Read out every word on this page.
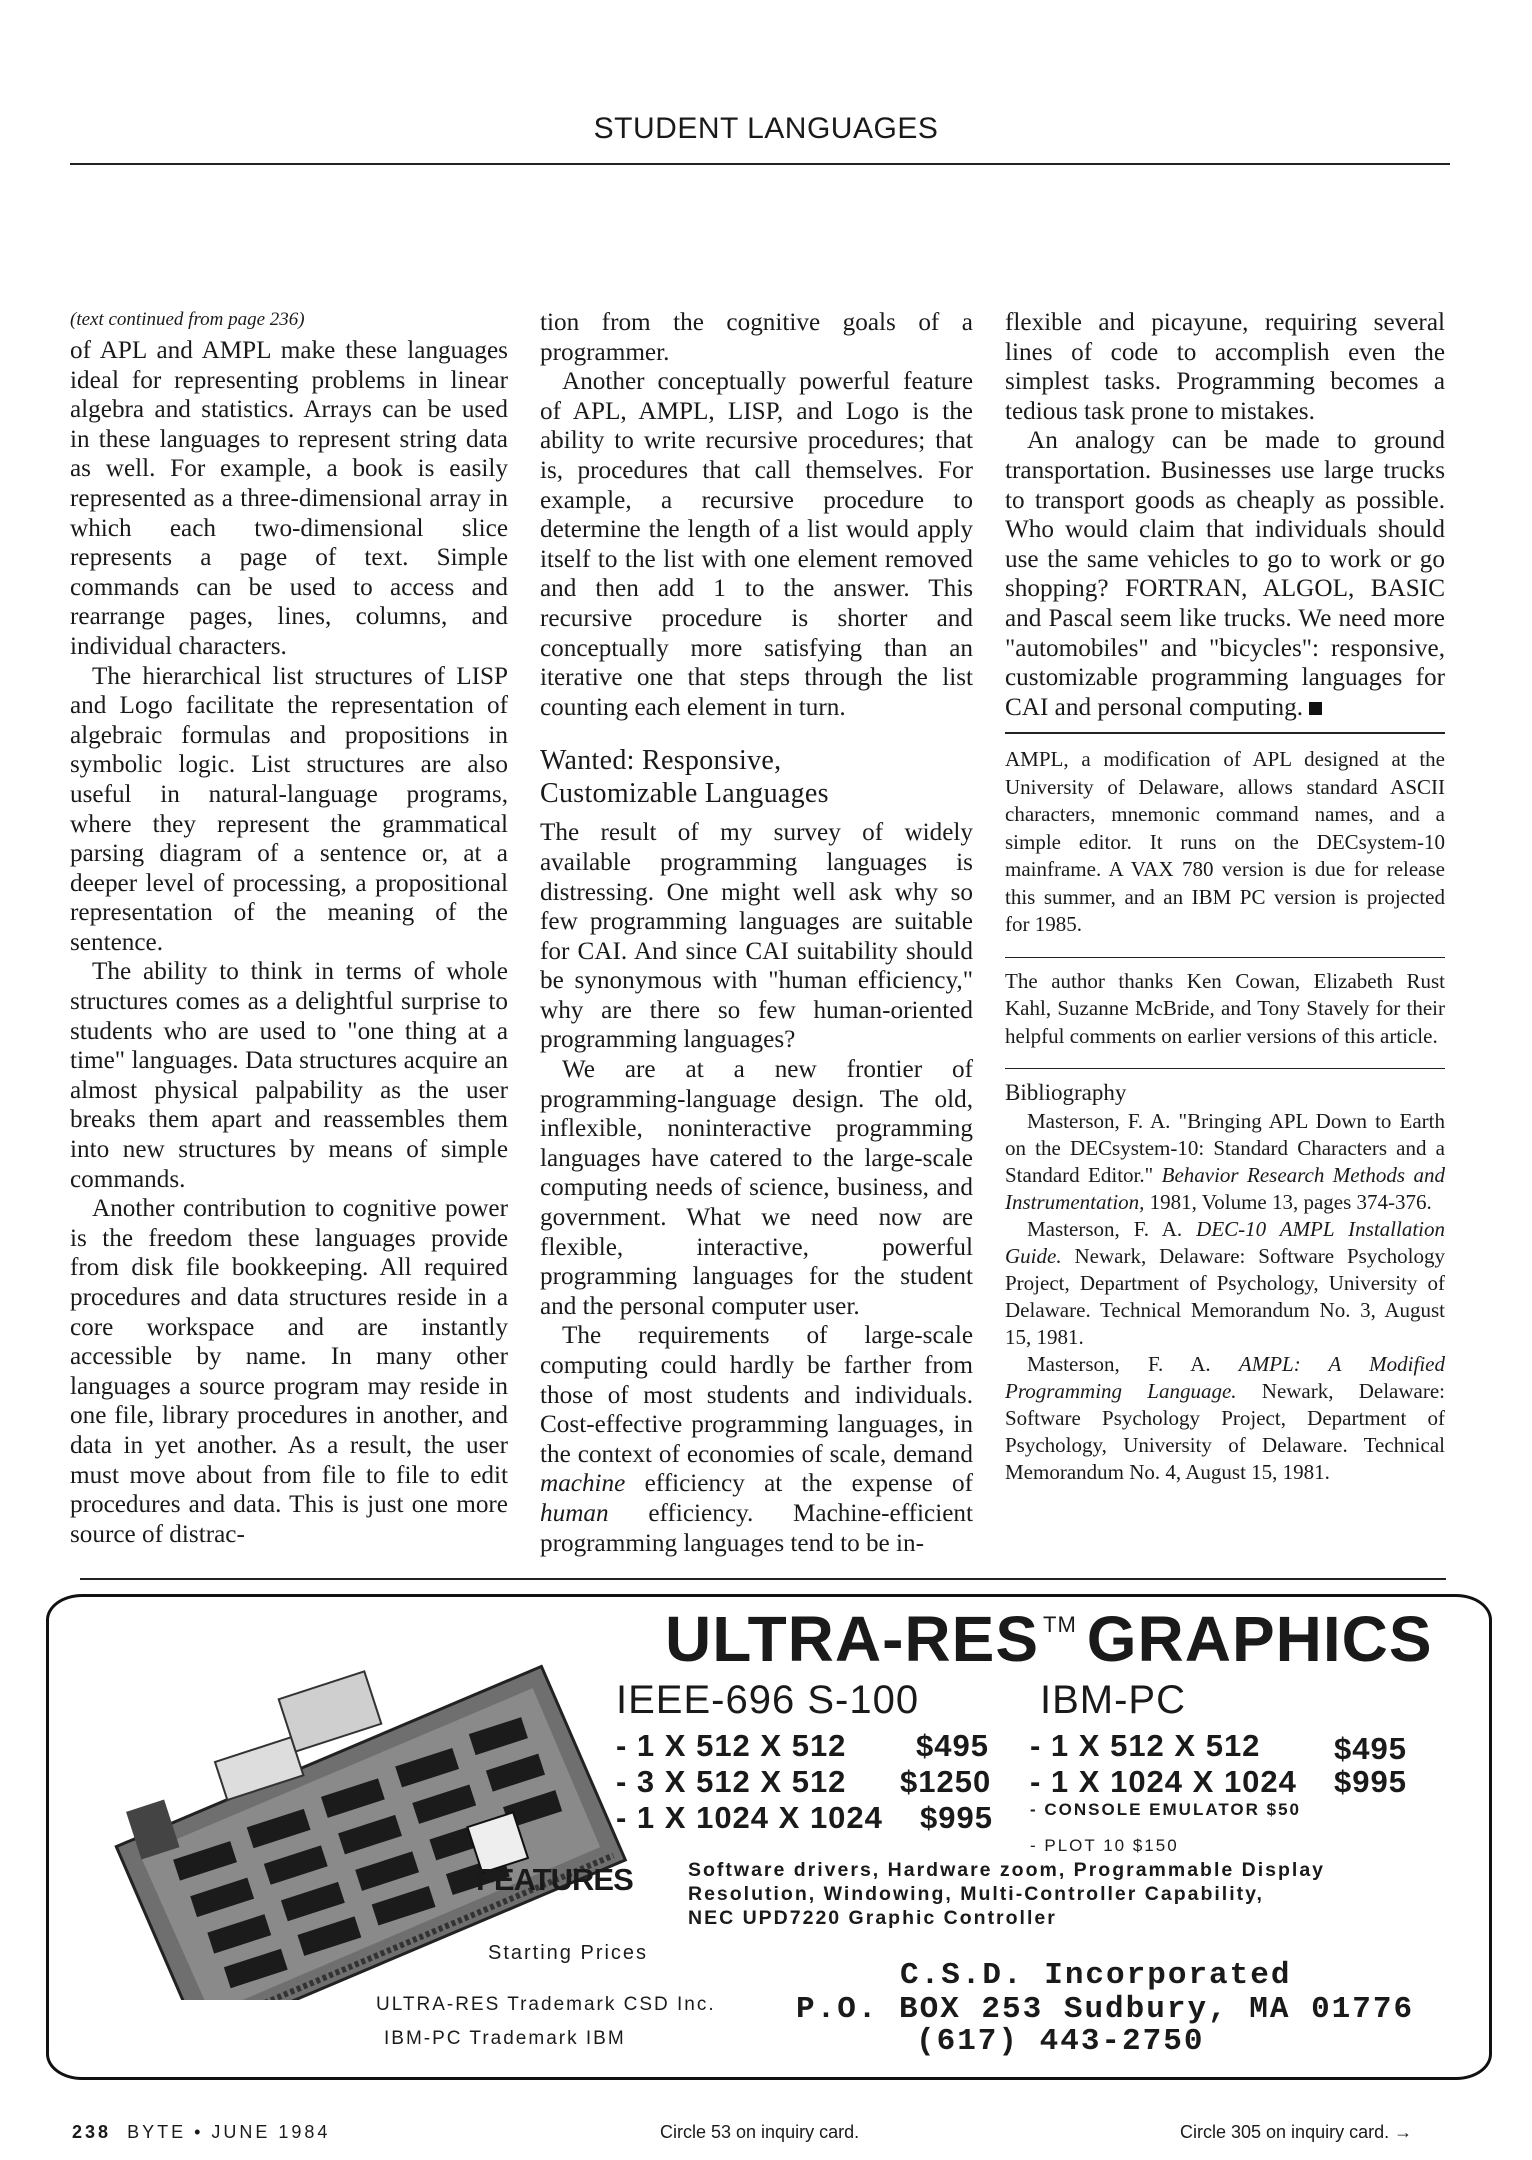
STUDENT LANGUAGES
(text continued from page 236)

of APL and AMPL make these languages ideal for representing problems in linear algebra and statistics. Arrays can be used in these languages to represent string data as well. For example, a book is easily represented as a three-dimensional array in which each two-dimensional slice represents a page of text. Simple commands can be used to access and rearrange pages, lines, columns, and individual characters.

The hierarchical list structures of LISP and Logo facilitate the representation of algebraic formulas and propositions in symbolic logic. List structures are also useful in natural-language programs, where they represent the grammatical parsing diagram of a sentence or, at a deeper level of processing, a propositional representation of the meaning of the sentence.

The ability to think in terms of whole structures comes as a delightful surprise to students who are used to "one thing at a time" languages. Data structures acquire an almost physical palpability as the user breaks them apart and reassembles them into new structures by means of simple commands.

Another contribution to cognitive power is the freedom these languages provide from disk file bookkeeping. All required procedures and data structures reside in a core workspace and are instantly accessible by name. In many other languages a source program may reside in one file, library procedures in another, and data in yet another. As a result, the user must move about from file to file to edit procedures and data. This is just one more source of distrac-

tion from the cognitive goals of a programmer.

Another conceptually powerful feature of APL, AMPL, LISP, and Logo is the ability to write recursive procedures; that is, procedures that call themselves. For example, a recursive procedure to determine the length of a list would apply itself to the list with one element removed and then add 1 to the answer. This recursive procedure is shorter and conceptually more satisfying than an iterative one that steps through the list counting each element in turn.

Wanted: Responsive,
Customizable Languages

The result of my survey of widely available programming languages is distressing. One might well ask why so few programming languages are suitable for CAI. And since CAI suitability should be synonymous with "human efficiency," why are there so few human-oriented programming languages?

We are at a new frontier of programming-language design. The old, inflexible, noninteractive programming languages have catered to the large-scale computing needs of science, business, and government. What we need now are flexible, interactive, powerful programming languages for the student and the personal computer user.

The requirements of large-scale computing could hardly be farther from those of most students and individuals. Cost-effective programming languages, in the context of economies of scale, demand machine efficiency at the expense of human efficiency. Machine-efficient programming languages tend to be in-

flexible and picayune, requiring several lines of code to accomplish even the simplest tasks. Programming becomes a tedious task prone to mistakes.

An analogy can be made to ground transportation. Businesses use large trucks to transport goods as cheaply as possible. Who would claim that individuals should use the same vehicles to go to work or go shopping? FORTRAN, ALGOL, BASIC and Pascal seem like trucks. We need more "automobiles" and "bicycles": responsive, customizable programming languages for CAI and personal computing.

AMPL, a modification of APL designed at the University of Delaware, allows standard ASCII characters, mnemonic command names, and a simple editor. It runs on the DECsystem-10 mainframe. A VAX 780 version is due for release this summer, and an IBM PC version is projected for 1985.
The author thanks Ken Cowan, Elizabeth Rust Kahl, Suzanne McBride, and Tony Stavely for their helpful comments on earlier versions of this article.
Bibliography

Masterson, F. A. "Bringing APL Down to Earth on the DECsystem-10: Standard Characters and a Standard Editor." Behavior Research Methods and Instrumentation, 1981, Volume 13, pages 374-376.

Masterson, F. A. DEC-10 AMPL Installation Guide. Newark, Delaware: Software Psychology Project, Department of Psychology, University of Delaware. Technical Memorandum No. 3, August 15, 1981.

Masterson, F. A. AMPL: A Modified Programming Language. Newark, Delaware: Software Psychology Project, Department of Psychology, University of Delaware. Technical Memorandum No. 4, August 15, 1981.

ULTRA-RES ™ GRAPHICS
IEEE-696 S-100	IBM-PC
- 1 X 512 X 512 $495
- 3 X 512 X 512 $1250
- 1 X 1024 X 1024 $995
- 1 X 512 X 512 $495
- 1 X 1024 X 1024 $995
- CONSOLE EMULATOR $50
- PLOT 10 $150
FEATURES	Software drivers, Hardware zoom, Programmable Display
Resolution, Windowing, Multi-Controller Capability,
NEC UPD7220 Graphic Controller
Starting Prices
ULTRA-RES Trademark CSD Inc.
IBM-PC Trademark IBM
C.S.D. Incorporated
P.O. BOX 253 Sudbury, MA 01776
(617) 443-2750
238 BYTE • JUNE 1984	Circle 53 on inquiry card.	Circle 305 on inquiry card. →
